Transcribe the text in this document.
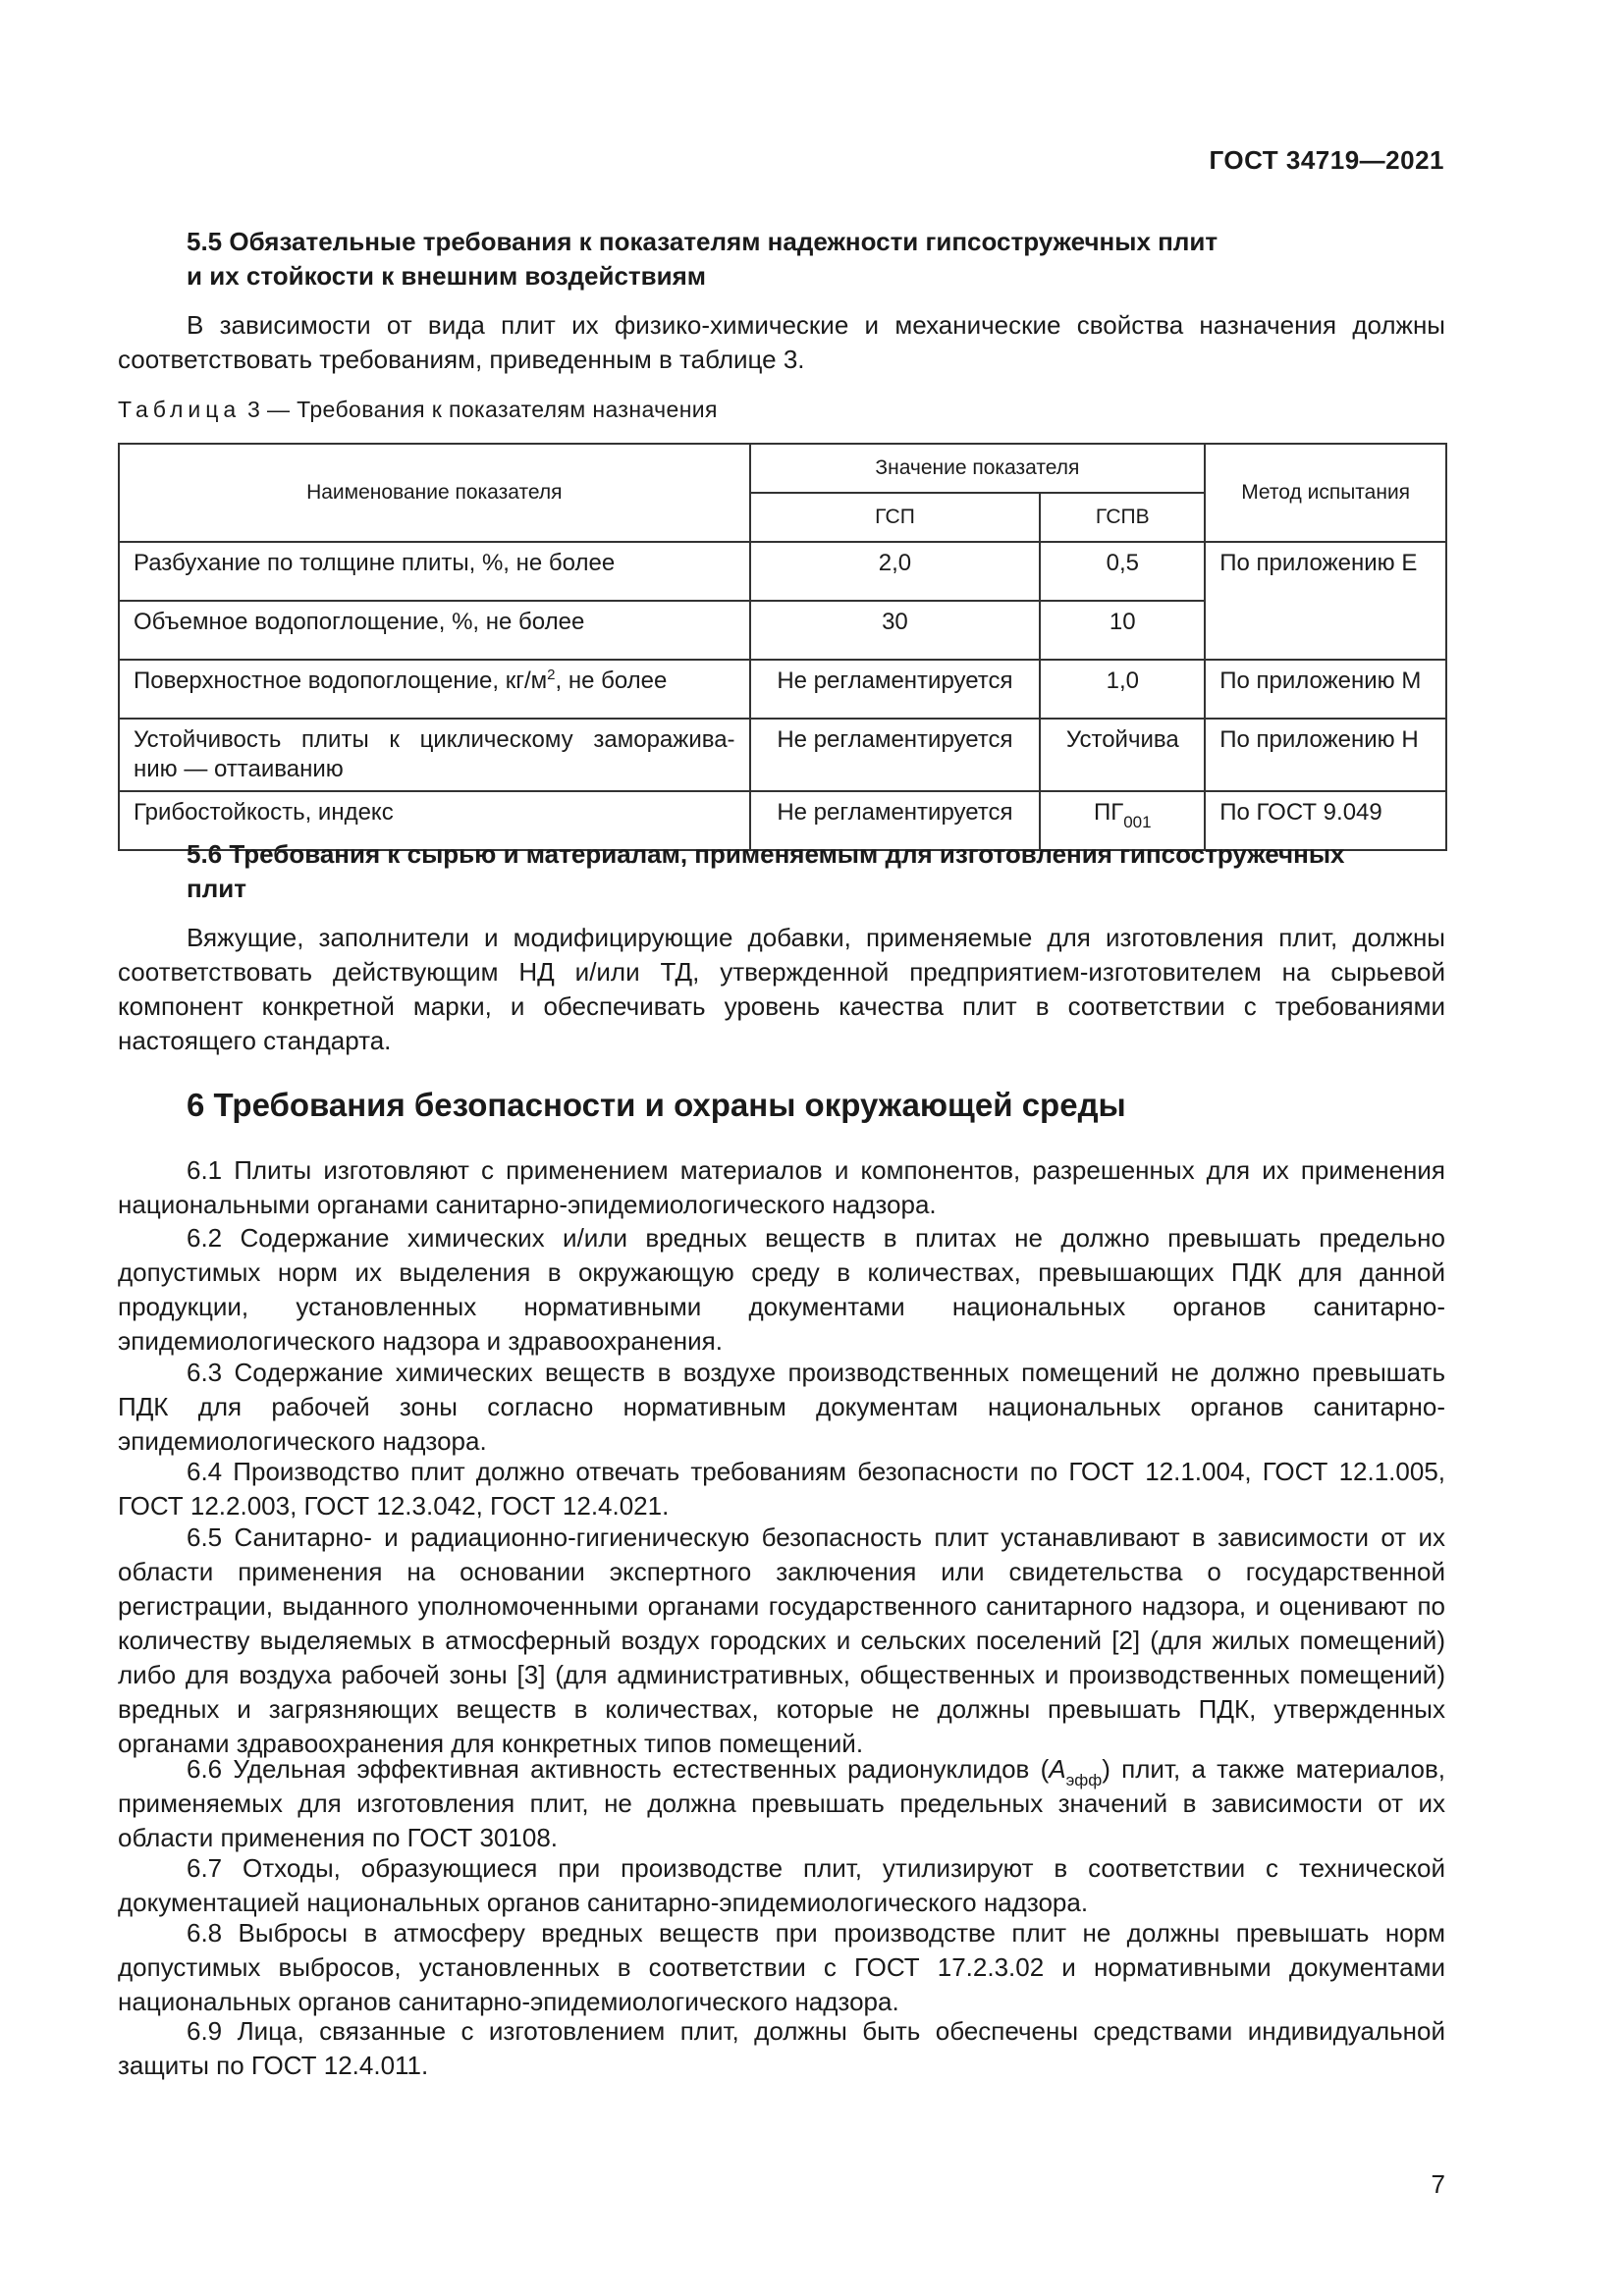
ГОСТ 34719—2021
5.5 Обязательные требования к показателям надежности гипсостружечных плит
и их стойкости к внешним воздействиям

В зависимости от вида плит их физико-химические и механические свойства назначения должны соответствовать требованиям, приведенным в таблице 3.

Таблица 3 — Требования к показателям назначения
Наименование показателя	Значение показателя		Метод испытания
	ГСП	ГСПВ	
Разбухание по толщине плиты, %, не более	2,0	0,5	По приложению Е
Объемное водопоглощение, %, не более	30	10	
Поверхностное водопоглощение, $кг/м^2$, не более	Не регламентируется	1,0	По приложению М

Устойчивость плиты к циклическому заморажива-
нию — оттаиванию	Не регламентируется	Устойчива	По приложению Н
Грибостойкость, индекс	Не регламентируется	$ПГ_{001}$	По ГОСТ 9.049
5.6 Требования к сырью и материалам, применяемым для изготовления гипсостружечных
плит

Вяжущие, заполнители и модифицирующие добавки, применяемые для изготовления плит, должны соответствовать действующим НД и/или ТД, утвержденной предприятием-изготовителем на сырьевой компонент конкретной марки, и обеспечивать уровень качества плит в соответствии с требованиями настоящего стандарта.

6 Требования безопасности и охраны окружающей среды

6.1 Плиты изготовляют с применением материалов и компонентов, разрешенных для их применения национальными органами санитарно-эпидемиологического надзора.

6.2 Содержание химических и/или вредных веществ в плитах не должно превышать предельно допустимых норм их выделения в окружающую среду в количествах, превышающих ПДК для данной продукции, установленных нормативными документами национальных органов санитарно-эпидемиологического надзора и здравоохранения.

6.3 Содержание химических веществ в воздухе производственных помещений не должно превышать ПДК для рабочей зоны согласно нормативным документам национальных органов санитарно-эпидемиологического надзора.

6.4 Производство плит должно отвечать требованиям безопасности по ГОСТ 12.1.004, ГОСТ 12.1.005, ГОСТ 12.2.003, ГОСТ 12.3.042, ГОСТ 12.4.021.

6.5 Санитарно- и радиационно-гигиеническую безопасность плит устанавливают в зависимости от их области применения на основании экспертного заключения или свидетельства о государственной регистрации, выданного уполномоченными органами государственного санитарного надзора, и оценивают по количеству выделяемых в атмосферный воздух городских и сельских поселений [2] (для жилых помещений) либо для воздуха рабочей зоны [3] (для административных, общественных и производственных помещений) вредных и загрязняющих веществ в количествах, которые не должны превышать ПДК, утвержденных органами здравоохранения для конкретных типов помещений.

6.6 Удельная эффективная активность естественных радионуклидов $(А_{эфф})$ плит, а также материалов, применяемых для изготовления плит, не должна превышать предельных значений в зависимости от их области применения по ГОСТ 30108.

6.7 Отходы, образующиеся при производстве плит, утилизируют в соответствии с технической документацией национальных органов санитарно-эпидемиологического надзора.

6.8 Выбросы в атмосферу вредных веществ при производстве плит не должны превышать норм допустимых выбросов, установленных в соответствии с ГОСТ 17.2.3.02 и нормативными документами национальных органов санитарно-эпидемиологического надзора.

6.9 Лица, связанные с изготовлением плит, должны быть обеспечены средствами индивидуальной защиты по ГОСТ 12.4.011.

7
